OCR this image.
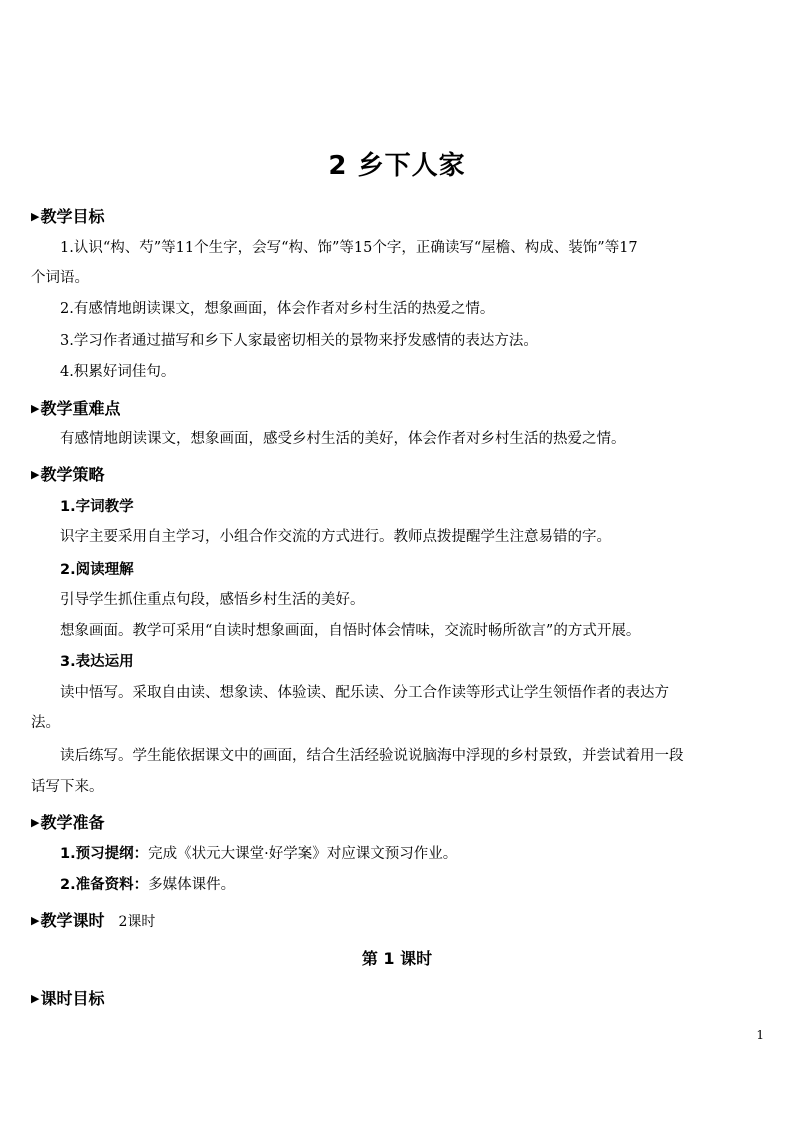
2 乡下人家
▶教学目标
1.认识“构、芍”等11个生字，会写“构、饰”等15个字，正确读写“屋檐、构成、装饰”等17
个词语。
2.有感情地朗读课文，想象画面，体会作者对乡村生活的热爱之情。
3.学习作者通过描写和乡下人家最密切相关的景物来抒发感情的表达方法。
4.积累好词佳句。
▶教学重难点
有感情地朗读课文，想象画面，感受乡村生活的美好，体会作者对乡村生活的热爱之情。
▶教学策略
1.字词教学
识字主要采用自主学习，小组合作交流的方式进行。教师点拨提醒学生注意易错的字。
2.阅读理解
引导学生抓住重点句段，感悟乡村生活的美好。
想象画面。教学可采用“自读时想象画面，自悟时体会情味，交流时畅所欲言”的方式开展。
3.表达运用
读中悟写。采取自由读、想象读、体验读、配乐读、分工合作读等形式让学生领悟作者的表达方
法。
读后练写。学生能依据课文中的画面，结合生活经验说说脑海中浮现的乡村景致，并尝试着用一段
话写下来。
▶教学准备
1.预习提纲：完成《状元大课堂·好学案》对应课文预习作业。
2.准备资料：多媒体课件。
▶教学课时 2课时
第 1 课时
▶课时目标
1
